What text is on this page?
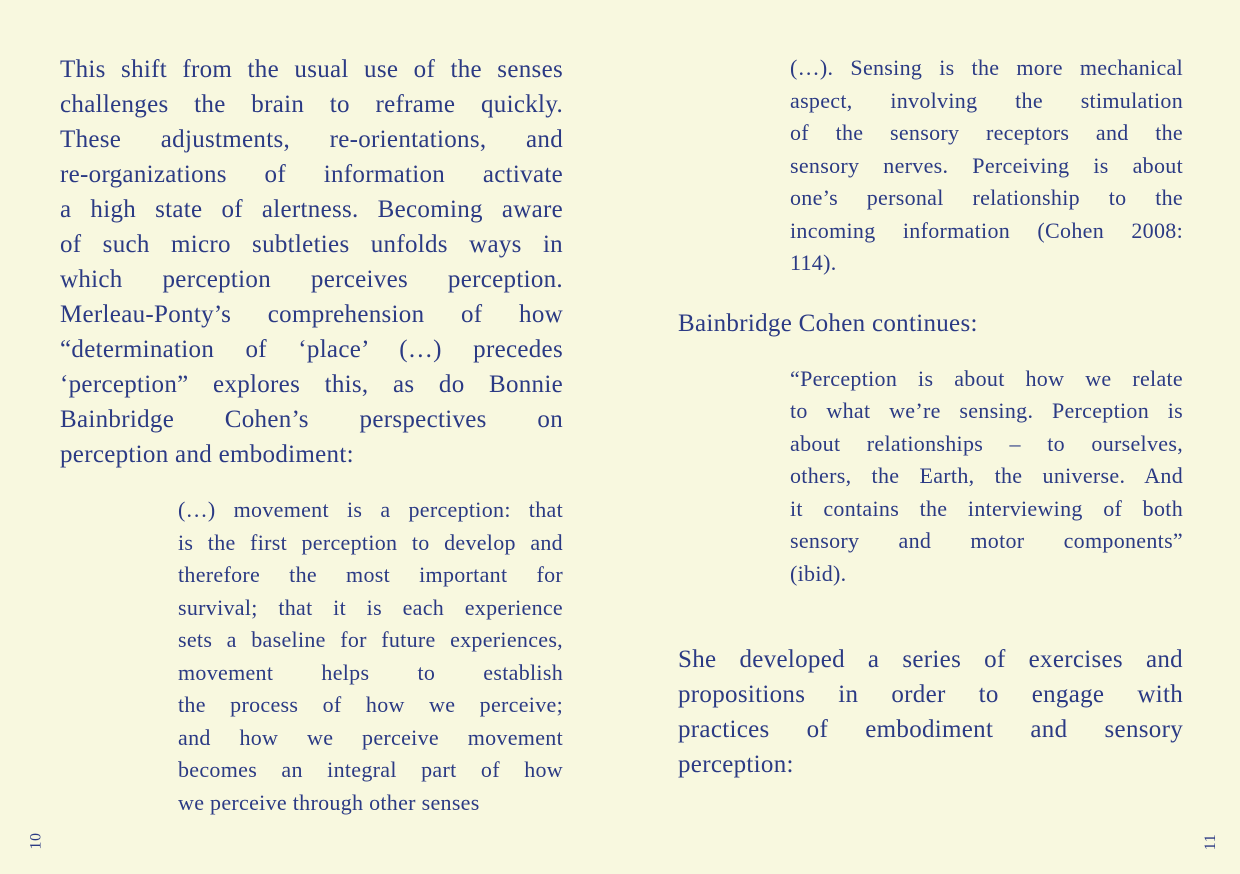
This shift from the usual use of the senses
challenges the brain to reframe quickly.
These adjustments, re-orientations, and
re-organizations of information activate
a high state of alertness. Becoming aware
of such micro subtleties unfolds ways in
which perception perceives perception.
Merleau-Ponty’s comprehension of how
“determination of ‘place’ (…) precedes
‘perception” explores this, as do Bonnie
Bainbridge Cohen’s perspectives on
perception and embodiment:
(…) movement is a perception: that
is the first perception to develop and
therefore the most important for
survival; that it is each experience
sets a baseline for future experiences,
movement helps to establish
the process of how we perceive;
and how we perceive movement
becomes an integral part of how
we perceive through other senses
(…). Sensing is the more mechanical
aspect, involving the stimulation
of the sensory receptors and the
sensory nerves. Perceiving is about
one’s personal relationship to the
incoming information (Cohen 2008:
114).
Bainbridge Cohen continues:
“Perception is about how we relate
to what we’re sensing. Perception is
about relationships – to ourselves,
others, the Earth, the universe. And
it contains the interviewing of both
sensory and motor components”
(ibid).
She developed a series of exercises and
propositions in order to engage with
practices of embodiment and sensory
perception:
10	11
